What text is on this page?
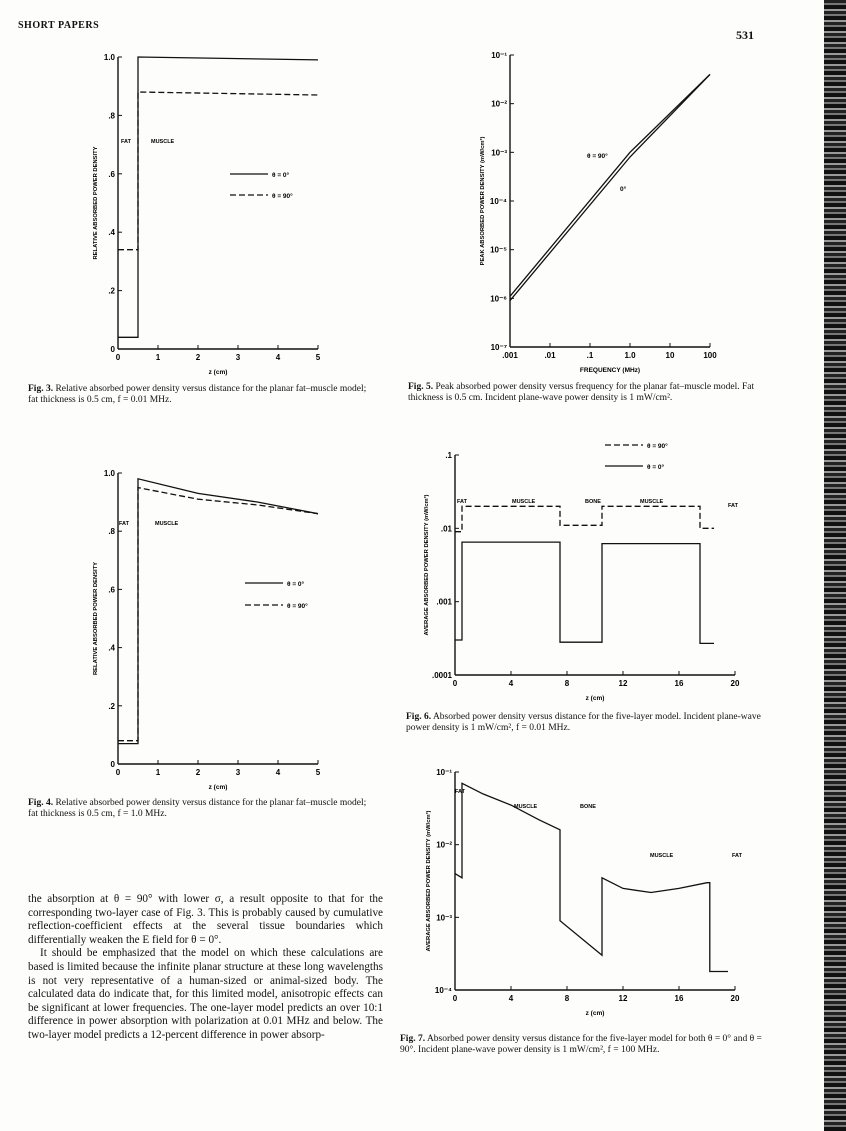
SHORT PAPERS
531
0	1	2	3	4	5
0
.2
.4
.6
.8
1.0
z (cm)
RELATIVE ABSORBED POWER DENSITY
FAT	MUSCLE
θ = 0°
θ = 90°
Fig. 3. Relative absorbed power density versus distance for the planar fat–muscle model; fat thickness is 0.5 cm, f = 0.01 MHz.
.001	.01	.1	1.0	10	100
10⁻⁷
10⁻⁶
10⁻⁵
10⁻⁴
10⁻³
10⁻²
10⁻¹
FREQUENCY (MHz)
PEAK ABSORBED POWER DENSITY (mW/cm³)	θ = 90°
0°
Fig. 5. Peak absorbed power density versus frequency for the planar fat–muscle model. Fat thickness is 0.5 cm. Incident plane-wave power density is 1 mW/cm².
0	1	2	3	4	5
0
.2
.4
.6
.8
1.0
z (cm)
RELATIVE ABSORBED POWER DENSITY
FAT	MUSCLE
θ = 0°
θ = 90°
Fig. 4. Relative absorbed power density versus distance for the planar fat–muscle model; fat thickness is 0.5 cm, f = 1.0 MHz.
0	4	8	12	16	20
.0001
.001
.01
.1
z (cm)
AVERAGE ABSORBED POWER DENSITY (mW/cm³)	FAT	MUSCLE	BONE	MUSCLE
FAT
θ = 90°
θ = 0°
Fig. 6. Absorbed power density versus distance for the five-layer model. Incident plane-wave power density is 1 mW/cm², f = 0.01 MHz.
0	4	8	12	16	20
10⁻⁴
10⁻³
10⁻²
10⁻¹
z (cm)
AVERAGE ABSORBED POWER DENSITY (mW/cm³)
FAT
MUSCLE	BONE
MUSCLE	FAT
Fig. 7. Absorbed power density versus distance for the five-layer model for both θ = 0° and θ = 90°. Incident plane-wave power density is 1 mW/cm², f = 100 MHz.

the absorption at θ = 90° with lower σ, a result opposite to that for the corresponding two-layer case of Fig. 3. This is probably caused by cumulative reflection-coefficient effects at the several tissue boundaries which differentially weaken the E field for θ = 0°.

It should be emphasized that the model on which these calculations are based is limited because the infinite planar structure at these long wavelengths is not very representative of a human-sized or animal-sized body. The calculated data do indicate that, for this limited model, anisotropic effects can be significant at lower frequencies. The one-layer model predicts an over 10:1 difference in power absorption with polarization at 0.01 MHz and below. The two-layer model predicts a 12-percent difference in power absorp-
